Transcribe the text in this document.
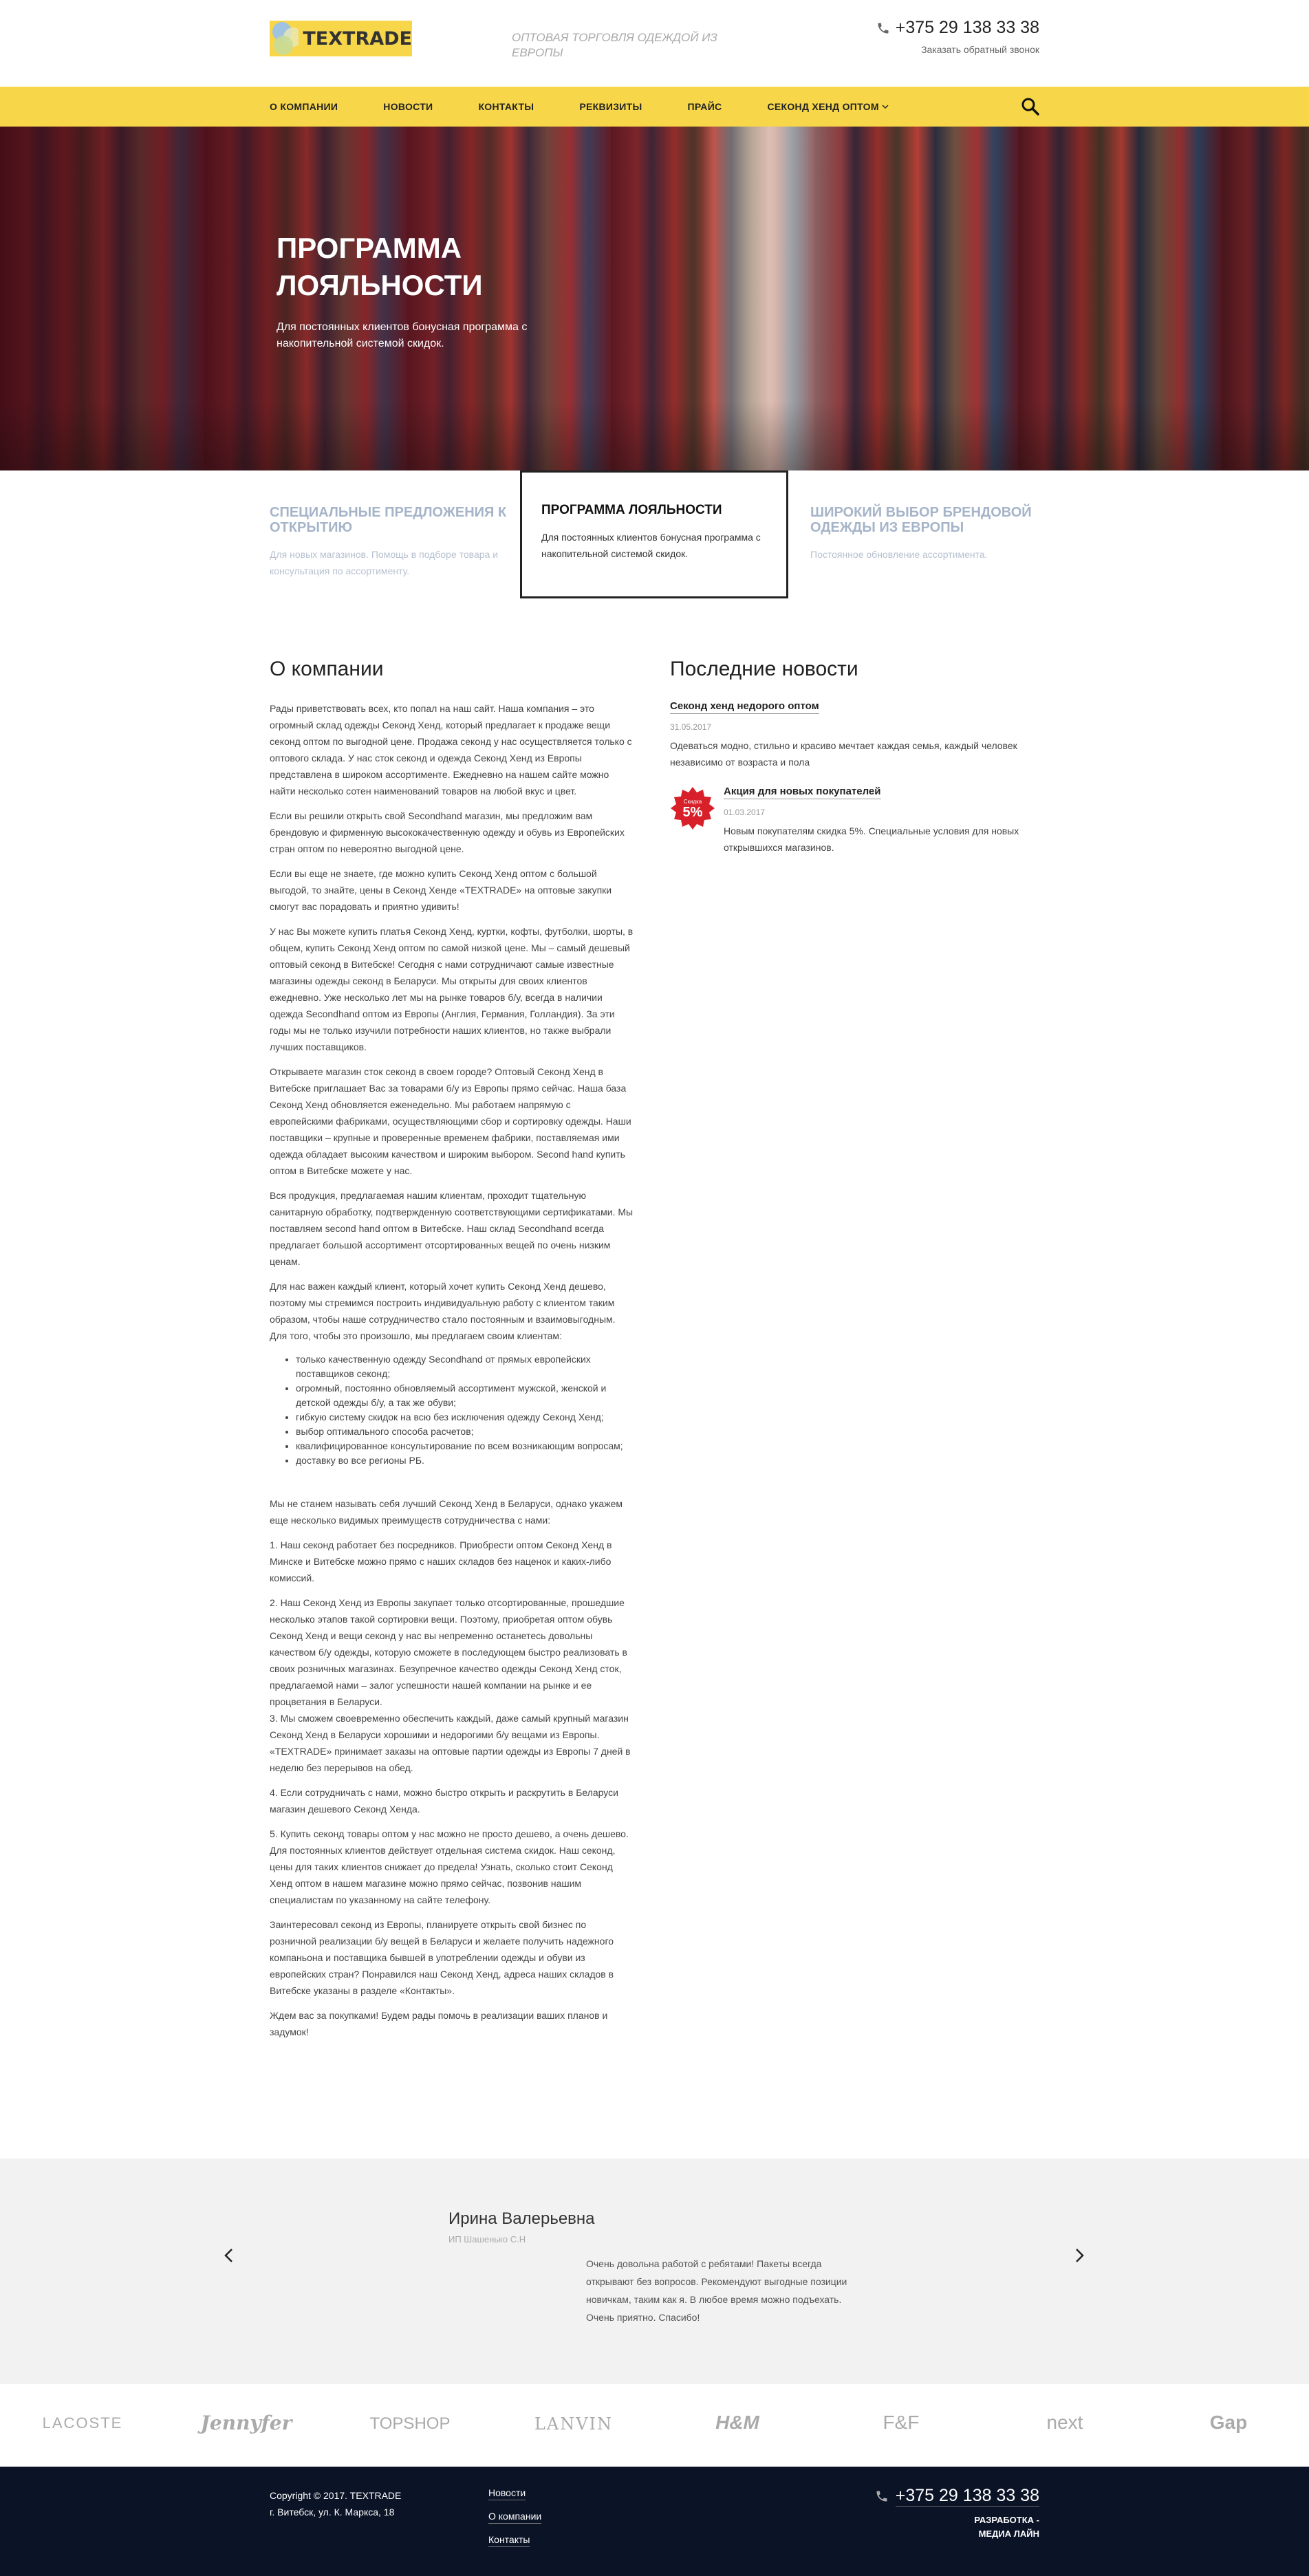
TEXTRADE	ОПТОВАЯ ТОРГОВЛЯ ОДЕЖДОЙ ИЗ ЕВРОПЫ
+375 29 138 33 38
Заказать обратный звонок
О КОМПАНИИ	НОВОСТИ	КОНТАКТЫ	РЕКВИЗИТЫ	ПРАЙС	СЕКОНД ХЕНД ОПТОМ
ПРОГРАММА ЛОЯЛЬНОСТИ
Для постоянных клиентов бонусная программа с накопительной системой скидок.
СПЕЦИАЛЬНЫЕ ПРЕДЛОЖЕНИЯ К ОТКРЫТИЮ

Для новых магазинов. Помощь в подборе товара и консультация по ассортименту.

ПРОГРАММА ЛОЯЛЬНОСТИ

Для постоянных клиентов бонусная программа с накопительной системой скидок.

ШИРОКИЙ ВЫБОР БРЕНДОВОЙ ОДЕЖДЫ ИЗ ЕВРОПЫ

Постоянное обновление ассортимента.

О компании

Рады приветствовать всех, кто попал на наш сайт. Наша компания – это огромный склад одежды Секонд Хенд, который предлагает к продаже вещи секонд оптом по выгодной цене. Продажа секонд у нас осуществляется только с оптового склада. У нас сток секонд и одежда Секонд Хенд из Европы представлена в широком ассортименте. Ежедневно на нашем сайте можно найти несколько сотен наименований товаров на любой вкус и цвет.

Если вы решили открыть свой Secondhand магазин, мы предложим вам брендовую и фирменную высококачественную одежду и обувь из Европейских стран оптом по невероятно выгодной цене.

Если вы еще не знаете, где можно купить Секонд Хенд оптом с большой выгодой, то знайте, цены в Секонд Хенде «TEXTRADE» на оптовые закупки смогут вас порадовать и приятно удивить!

У нас Вы можете купить платья Секонд Хенд, куртки, кофты, футболки, шорты, в общем, купить Секонд Хенд оптом по самой низкой цене. Мы – самый дешевый оптовый секонд в Витебске! Сегодня с нами сотрудничают самые известные магазины одежды секонд в Беларуси. Мы открыты для своих клиентов ежедневно. Уже несколько лет мы на рынке товаров б/у, всегда в наличии одежда Secondhand оптом из Европы (Англия, Германия, Голландия). За эти годы мы не только изучили потребности наших клиентов, но также выбрали лучших поставщиков.

Открываете магазин сток секонд в своем городе? Оптовый Секонд Хенд в Витебске приглашает Вас за товарами б/у из Европы прямо сейчас. Наша база Секонд Хенд обновляется еженедельно. Мы работаем напрямую с европейскими фабриками, осуществляющими сбор и сортировку одежды. Наши поставщики – крупные и проверенные временем фабрики, поставляемая ими одежда обладает высоким качеством и широким выбором. Second hand купить оптом в Витебске можете у нас.

Вся продукция, предлагаемая нашим клиентам, проходит тщательную санитарную обработку, подтвержденную соответствующими сертификатами. Мы поставляем second hand оптом в Витебске. Наш склад Secondhand всегда предлагает большой ассортимент отсортированных вещей по очень низким ценам.

Для нас важен каждый клиент, который хочет купить Секонд Хенд дешево, поэтому мы стремимся построить индивидуальную работу с клиентом таким образом, чтобы наше сотрудничество стало постоянным и взаимовыгодным. Для того, чтобы это произошло, мы предлагаем своим клиентам:

• только качественную одежду Secondhand от прямых европейских поставщиков секонд;
• огромный, постоянно обновляемый ассортимент мужской, женской и детской одежды б/у, а так же обуви;
• гибкую систему скидок на всю без исключения одежду Секонд Хенд;
• выбор оптимального способа расчетов;
• квалифицированное консультирование по всем возникающим вопросам;
• доставку во все регионы РБ.

Мы не станем называть себя лучший Секонд Хенд в Беларуси, однако укажем еще несколько видимых преимуществ сотрудничества с нами:

1. Наш секонд работает без посредников. Приобрести оптом Секонд Хенд в Минске и Витебске можно прямо с наших складов без наценок и каких-либо комиссий.

2. Наш Секонд Хенд из Европы закупает только отсортированные, прошедшие несколько этапов такой сортировки вещи. Поэтому, приобретая оптом обувь Секонд Хенд и вещи секонд у нас вы непременно останетесь довольны качеством б/у одежды, которую сможете в последующем быстро реализовать в своих розничных магазинах. Безупречное качество одежды Секонд Хенд сток, предлагаемой нами – залог успешности нашей компании на рынке и ее процветания в Беларуси.

3. Мы сможем своевременно обеспечить каждый, даже самый крупный магазин Секонд Хенд в Беларуси хорошими и недорогими б/у вещами из Европы. «TEXTRADE» принимает заказы на оптовые партии одежды из Европы 7 дней в неделю без перерывов на обед.

4. Если сотрудничать с нами, можно быстро открыть и раскрутить в Беларуси магазин дешевого Секонд Хенда.

5. Купить секонд товары оптом у нас можно не просто дешево, а очень дешево. Для постоянных клиентов действует отдельная система скидок. Наш секонд, цены для таких клиентов снижает до предела! Узнать, сколько стоит Секонд Хенд оптом в нашем магазине можно прямо сейчас, позвонив нашим специалистам по указанному на сайте телефону.

Заинтересовал секонд из Европы, планируете открыть свой бизнес по розничной реализации б/у вещей в Беларуси и желаете получить надежного компаньона и поставщика бывшей в употреблении одежды и обуви из европейских стран? Понравился наш Секонд Хенд, адреса наших складов в Витебске указаны в разделе «Контакты».

Ждем вас за покупками! Будем рады помочь в реализации ваших планов и задумок!

Последние новости
Секонд хенд недорого оптом
31.05.2017
Одеваться модно, стильно и красиво мечтает каждая семья, каждый человек независимо от возраста и пола
Скидка
5%
Акция для новых покупателей
01.03.2017
Новым покупателям скидка 5%. Специальные условия для новых открывшихся магазинов.
Ирина Валерьевна
ИП Шашенько С.Н
Очень довольна работой с ребятами! Пакеты всегда открывают без вопросов. Рекомендуют выгодные позиции новичкам, таким как я. В любое время можно подъехать. Очень приятно. Спасибо!
LACOSTE	Jennyfer	TOPSHOP	LANVIN	H&M	F&F	next	Gap
Copyright © 2017. TEXTRADE
г. Витебск, ул. К. Маркса, 18
Новости
О компании
Контакты
+375 29 138 33 38
РАЗРАБОТКА -
МЕДИА ЛАЙН
